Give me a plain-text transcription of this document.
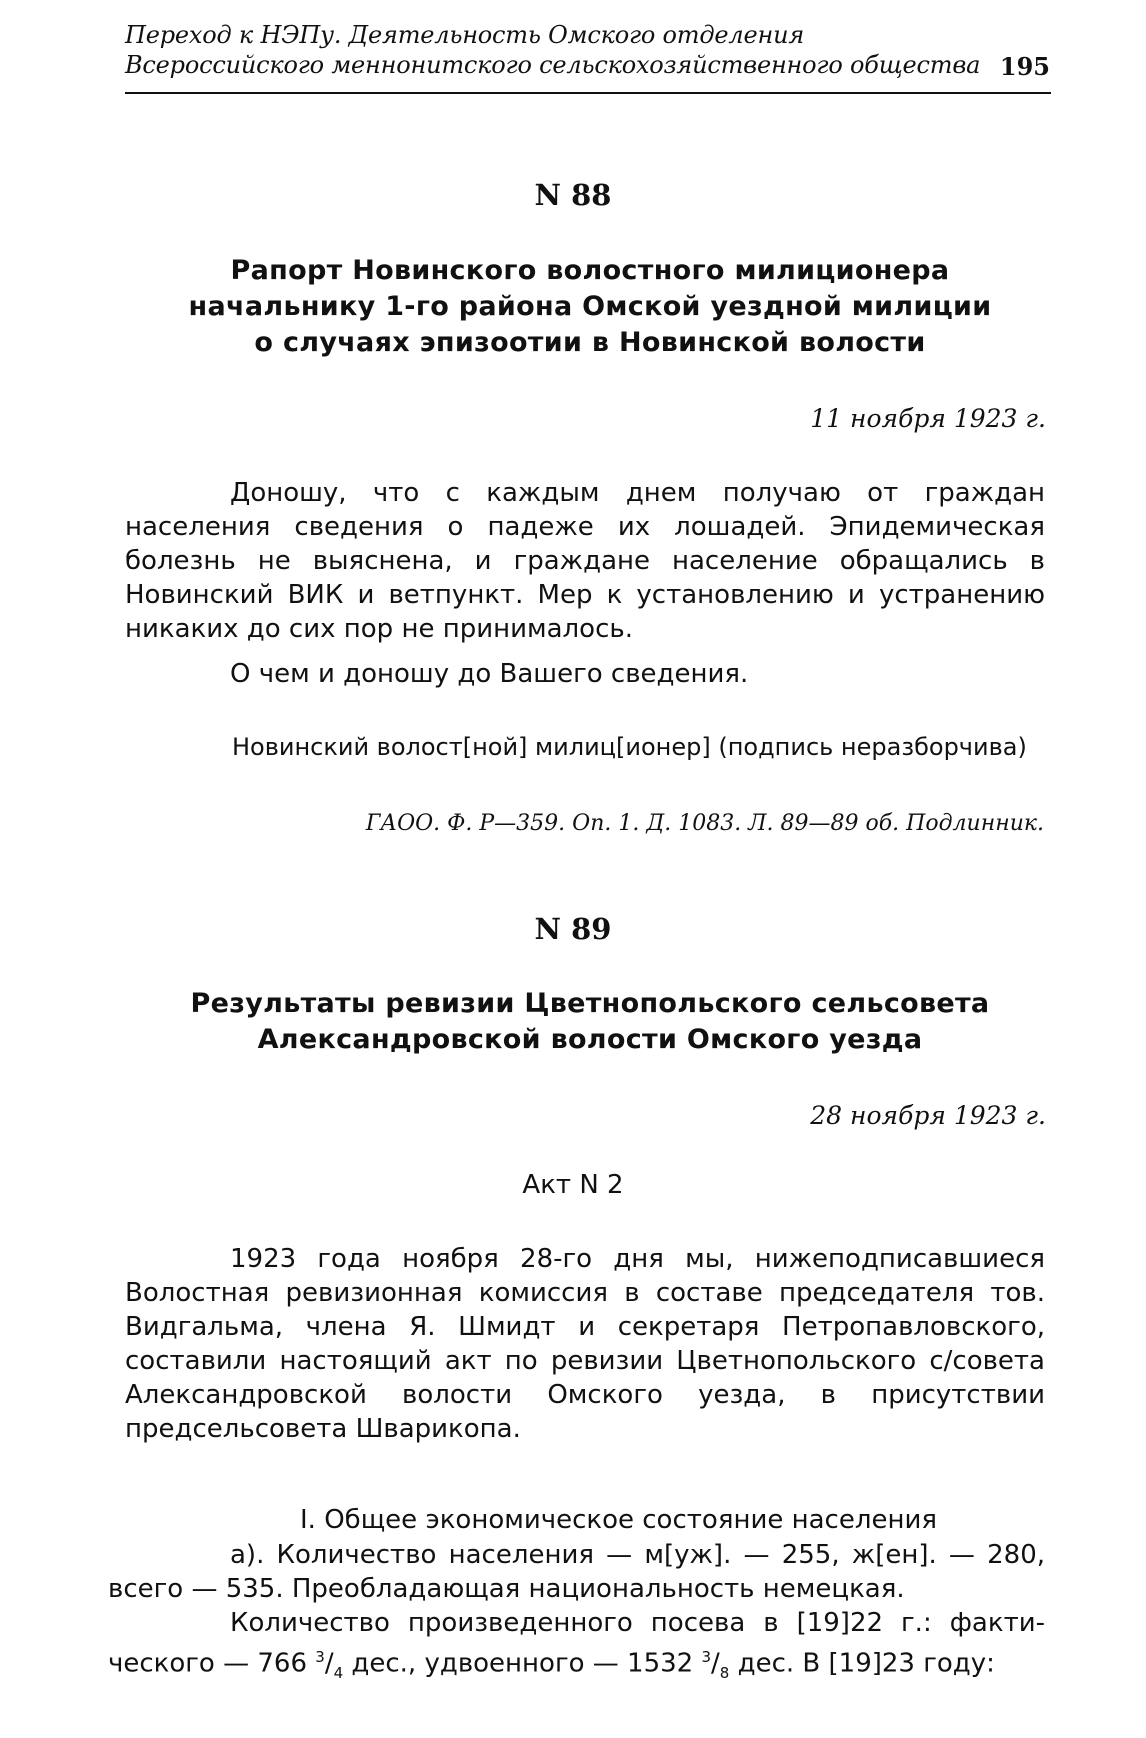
Переход к НЭПу. Деятельность Омского отделения
Всероссийского меннонитского сельскохозяйственного общества 195
N 88
Рапорт Новинского волостного милиционера
начальнику 1-го района Омской уездной милиции
о случаях эпизоотии в Новинской волости
11 ноября 1923 г.
Доношу, что с каждым днем получаю от граждан населения сведения о падеже их лошадей. Эпидемическая болезнь не выяснена, и граждане население обращались в Новинский ВИК и ветпункт. Мер к установлению и устранению никаких до сих пор не принималось.
О чем и доношу до Вашего сведения.
Новинский волост[ной] милиц[ионер] (подпись неразборчива)
ГАОО. Ф. Р—359. Оп. 1. Д. 1083. Л. 89—89 об. Подлинник.
N 89
Результаты ревизии Цветнопольского сельсовета
Александровской волости Омского уезда
28 ноября 1923 г.
Акт N 2
1923 года ноября 28-го дня мы, нижеподписавшиеся Волостная ревизионная комиссия в составе председателя тов. Видгальма, члена Я. Шмидт и секретаря Петропавловского, составили настоящий акт по ревизии Цветнопольского с/совета Александровской волости Омского уезда, в присутствии предсельсовета Шварикопа.
I. Общее экономическое состояние населения
а). Количество населения — м[уж]. — 255, ж[ен]. — 280,
всего — 535. Преобладающая национальность немецкая.
Количество произведенного посева в [19]22 г.: факти-
ческого — 766 $^3/_4$ дес., удвоенного — 1532 $^3/_8$ дес. В [19]23 году:
